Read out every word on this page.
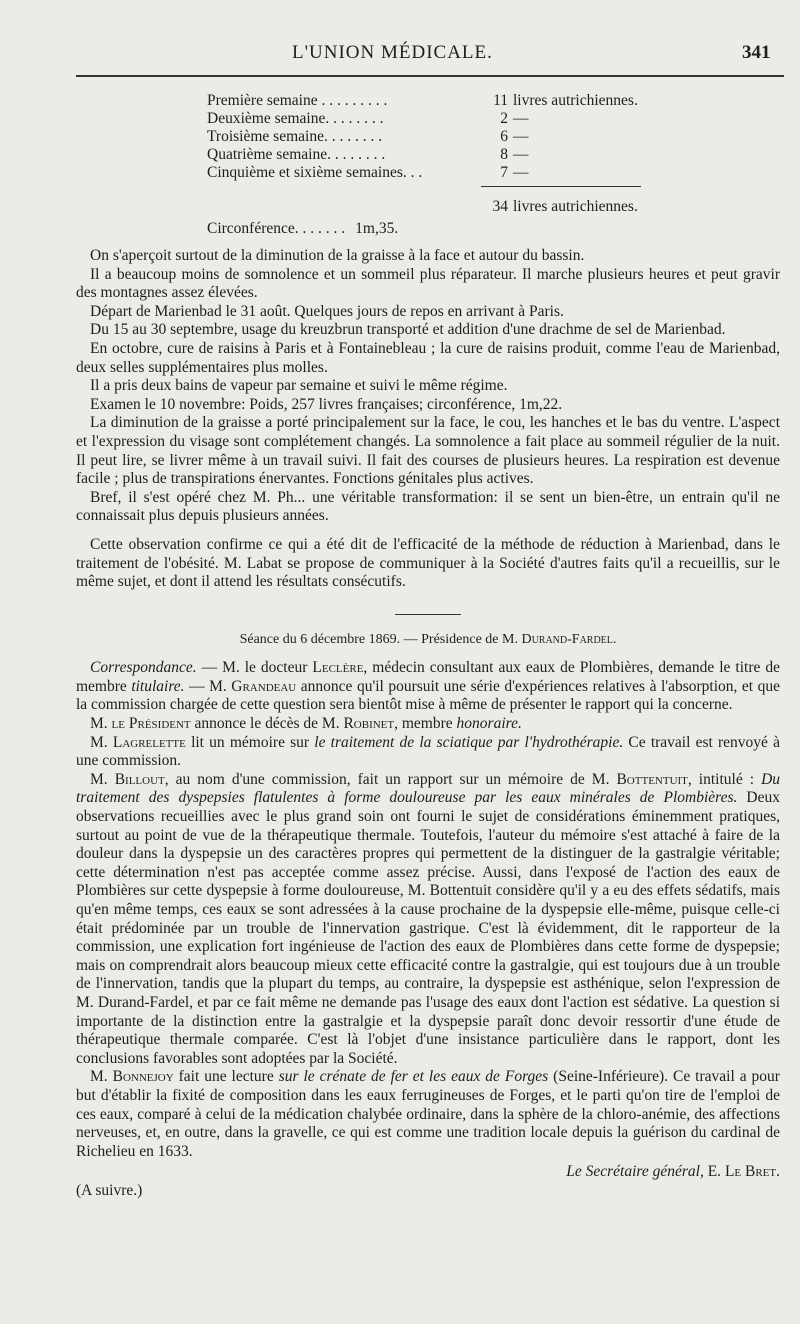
L'UNION MÉDICALE.	341
Première semaine . . . . . . . . .	11 livres autrichiennes.
Deuxième semaine. . . . . . . .	2 —
Troisième semaine. . . . . . . .	6 —
Quatrième semaine. . . . . . . .	8 —
Cinquième et sixième semaines. . .	7 —
34 livres autrichiennes.
Circonférence. . . . . . . 1m,35.

On s'aperçoit surtout de la diminution de la graisse à la face et autour du bassin.

Il a beaucoup moins de somnolence et un sommeil plus réparateur. Il marche plusieurs heures et peut gravir des montagnes assez élevées.

Départ de Marienbad le 31 août. Quelques jours de repos en arrivant à Paris.

Du 15 au 30 septembre, usage du kreuzbrun transporté et addition d'une drachme de sel de Marienbad.

En octobre, cure de raisins à Paris et à Fontainebleau ; la cure de raisins produit, comme l'eau de Marienbad, deux selles supplémentaires plus molles.

Il a pris deux bains de vapeur par semaine et suivi le même régime.

Examen le 10 novembre: Poids, 257 livres françaises; circonférence, 1m,22.

La diminution de la graisse a porté principalement sur la face, le cou, les hanches et le bas du ventre. L'aspect et l'expression du visage sont complétement changés. La somnolence a fait place au sommeil régulier de la nuit. Il peut lire, se livrer même à un travail suivi. Il fait des courses de plusieurs heures. La respiration est devenue facile ; plus de transpirations énervantes. Fonctions génitales plus actives.

Bref, il s'est opéré chez M. Ph... une véritable transformation: il se sent un bien-être, un entrain qu'il ne connaissait plus depuis plusieurs années.

Cette observation confirme ce qui a été dit de l'efficacité de la méthode de réduction à Marienbad, dans le traitement de l'obésité. M. Labat se propose de communiquer à la Société d'autres faits qu'il a recueillis, sur le même sujet, et dont il attend les résultats consécutifs.

Séance du 6 décembre 1869. — Présidence de M. Durand-Fardel.

Correspondance. — M. le docteur Leclère, médecin consultant aux eaux de Plombières, demande le titre de membre titulaire. — M. Grandeau annonce qu'il poursuit une série d'expériences relatives à l'absorption, et que la commission chargée de cette question sera bientôt mise à même de présenter le rapport qui la concerne.

M. le Président annonce le décès de M. Robinet, membre honoraire.

M. Lagrelette lit un mémoire sur le traitement de la sciatique par l'hydrothérapie. Ce travail est renvoyé à une commission.

M. Billout, au nom d'une commission, fait un rapport sur un mémoire de M. Bottentuit, intitulé : Du traitement des dyspepsies flatulentes à forme douloureuse par les eaux minérales de Plombières. Deux observations recueillies avec le plus grand soin ont fourni le sujet de considérations éminemment pratiques, surtout au point de vue de la thérapeutique thermale. Toutefois, l'auteur du mémoire s'est attaché à faire de la douleur dans la dyspepsie un des caractères propres qui permettent de la distinguer de la gastralgie véritable; cette détermination n'est pas acceptée comme assez précise. Aussi, dans l'exposé de l'action des eaux de Plombières sur cette dyspepsie à forme douloureuse, M. Bottentuit considère qu'il y a eu des effets sédatifs, mais qu'en même temps, ces eaux se sont adressées à la cause prochaine de la dyspepsie elle-même, puisque celle-ci était prédominée par un trouble de l'innervation gastrique. C'est là évidemment, dit le rapporteur de la commission, une explication fort ingénieuse de l'action des eaux de Plombières dans cette forme de dyspepsie; mais on comprendrait alors beaucoup mieux cette efficacité contre la gastralgie, qui est toujours due à un trouble de l'innervation, tandis que la plupart du temps, au contraire, la dyspepsie est asthénique, selon l'expression de M. Durand-Fardel, et par ce fait même ne demande pas l'usage des eaux dont l'action est sédative. La question si importante de la distinction entre la gastralgie et la dyspepsie paraît donc devoir ressortir d'une étude de thérapeutique thermale comparée. C'est là l'objet d'une insistance particulière dans le rapport, dont les conclusions favorables sont adoptées par la Société.

M. Bonnejoy fait une lecture sur le crénate de fer et les eaux de Forges (Seine-Inférieure). Ce travail a pour but d'établir la fixité de composition dans les eaux ferrugineuses de Forges, et le parti qu'on tire de l'emploi de ces eaux, comparé à celui de la médication chalybée ordinaire, dans la sphère de la chloro-anémie, des affections nerveuses, et, en outre, dans la gravelle, ce qui est comme une tradition locale depuis la guérison du cardinal de Richelieu en 1633.

Le Secrétaire général, E. Le Bret.

(A suivre.)
